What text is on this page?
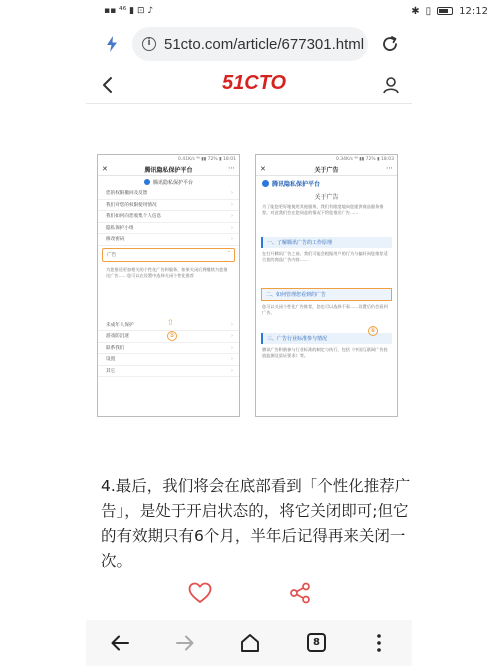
▪▪ ⁴⁶ ▮ ⊡ ♪	✱ ▯	12:12
i 51cto.com/article/677301.html
51CTO
0.41K/s ⁴⁶ ▮▮ 72% ▮ 18:01
✕	腾讯隐私保护平台	⋯
腾讯隐私保护平台
您的权限撤回及反馈	›
我们对您的权限使用情况	›
我们如何向您收集个人信息	›
隐私保护小组	›
修改密码	›
广告	ˇ
为您推送更加相关的个性化广告和服务，如果关闭后将继续为您推送广告……您可以在设置中选择关闭个性化推荐
⇧
⑤
未成年人保护	›
游戏防沉迷	›
联系我们	›
设置	›
其它	›
0.34K/s ⁴⁶ ▮▮ 72% ▮ 18:03
✕	关于广告	⋯
腾讯隐私保护平台
关于广告
为了能您更好地使用其他服务，我们有限度地向您提供商品服务推荐，对此我们会在您同意的情况下给您推送广告……
一、了解腾讯广告的工作原理
在打开腾讯广告之前，我们可能会根据用户的行为与偏好向您推荐适合您的商品广告内容……
二、如何管理您看到的广告
⑥
您可以关闭个性化广告推荐，您也可以选择不看……设置后仍会看到广告。
三、广告行业标准参与情况
腾讯广告积极参与行业标准的制定与执行，包括《中国互联网广告投放监测及验证要求》等。
4.最后，我们将会在底部看到「个性化推荐广告」，是处于开启状态的，将它关闭即可;但它的有效期只有6个月，半年后记得再来关闭一次。
8
